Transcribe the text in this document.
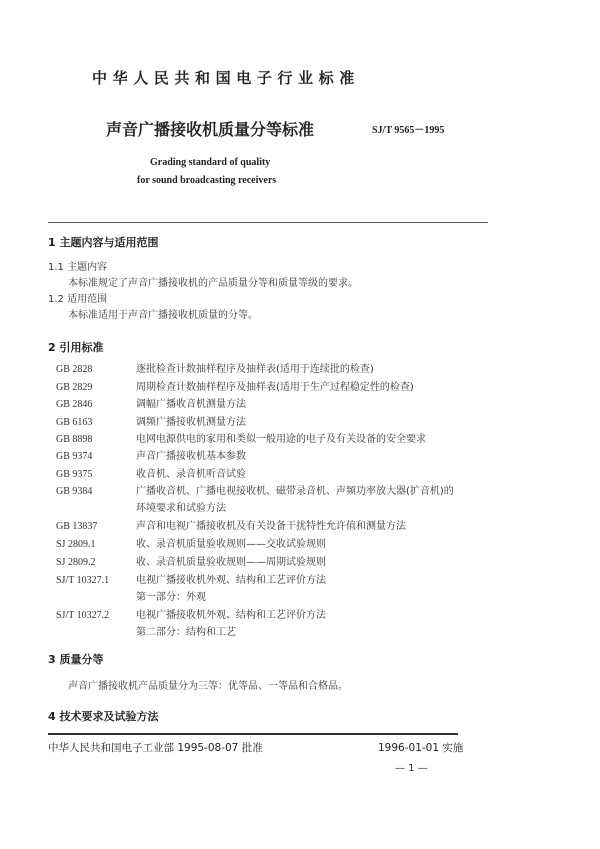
中华人民共和国电子行业标准
声音广播接收机质量分等标准	SJ/T 9565－1995
Grading standard of quality
for sound broadcasting receivers
1 主题内容与适用范围
1.1 主题内容
本标准规定了声音广播接收机的产品质量分等和质量等级的要求。
1.2 适用范围
本标准适用于声音广播接收机质量的分等。
2 引用标准
GB 2828	逐批检查计数抽样程序及抽样表(适用于连续批的检查)
GB 2829	周期检查计数抽样程序及抽样表(适用于生产过程稳定性的检查)
GB 2846	调幅广播收音机测量方法
GB 6163	调频广播接收机测量方法
GB 8898	电网电源供电的家用和类似一般用途的电子及有关设备的安全要求
GB 9374	声音广播接收机基本参数
GB 9375	收音机、录音机听音试验
GB 9384	广播收音机、广播电视接收机、磁带录音机、声频功率放大器(扩音机)的
环境要求和试验方法
GB 13837	声音和电视广播接收机及有关设备干扰特性允许值和测量方法
SJ 2809.1	收、录音机质量验收规则——交收试验规则
SJ 2809.2	收、录音机质量验收规则——周期试验规则
SJ/T 10327.1	电视广播接收机外观、结构和工艺评价方法
第一部分：外观
SJ/T 10327.2	电视广播接收机外观、结构和工艺评价方法
第二部分：结构和工艺
3 质量分等
声音广播接收机产品质量分为三等：优等品、一等品和合格品。
4 技术要求及试验方法
中华人民共和国电子工业部 1995-08-07 批准	1996-01-01 实施
— 1 —
